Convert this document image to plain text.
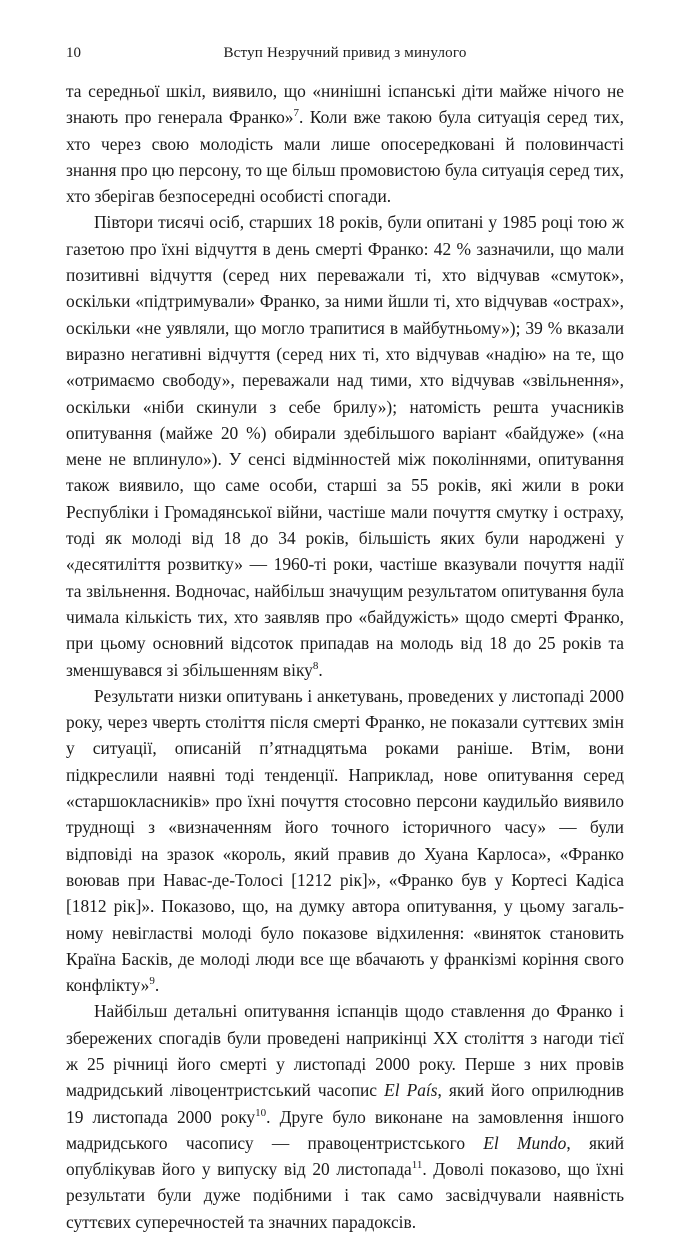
10	Вступ Незручний привид з минулого

та середньої шкіл, виявило, що «нинішні іспанські діти майже нічого не знають про генерала Франко»$^7$. Коли вже такою була ситуація серед тих, хто через свою молодість мали лише опосередковані й половинчасті знання про цю персону, то ще більш промовистою була ситуація серед тих, хто зберігав безпосередні особисті спогади.

Півтори тисячі осіб, старших 18 років, були опитані у 1985 році тою ж газетою про їхні відчуття в день смерті Франко: 42 % зазначили, що мали позитивні відчуття (серед них переважали ті, хто відчував «смуток», оскільки «підтримували» Франко, за ними йшли ті, хто відчував «острах», оскільки «не уявляли, що могло трапитися в майбутньому»); 39 % вказали виразно негативні відчуття (серед них ті, хто відчував «надію» на те, що «отримаємо свободу», переважали над тими, хто відчував «звільнення», оскільки «ніби скинули з себе брилу»); натомість решта учасників опитування (майже 20 %) обирали здебільшого варіант «байдуже» («на мене не вплинуло»). У сенсі відмінностей між поколіннями, опитування також виявило, що саме особи, старші за 55 років, які жили в роки Республіки і Громадянської війни, частіше мали почуття смутку і остраху, тоді як молоді від 18 до 34 років, більшість яких були народжені у «десятиліття розвитку» — 1960-ті роки, частіше вказували почуття надії та звільнення. Водночас, найбільш значущим результатом опитування була чимала кількість тих, хто заявляв про «байдужість» щодо смерті Франко, при цьому основний відсоток припадав на молодь від 18 до 25 років та зменшувався зі збільшенням віку$^8$.

Результати низки опитувань і анкетувань, проведених у листопаді 2000 року, через чверть століття після смерті Франко, не показали суттєвих змін у ситуації, описаній п’ятнадцятьма роками раніше. Втім, вони підкреслили наявні тоді тенденції. Наприклад, нове опитування серед «старшокласників» про їхні почуття стосовно персони каудильйо виявило труднощі з «визначенням його точного історичного часу» — були відповіді на зразок «король, який правив до Хуана Карлоса», «Франко воював при Навас-де-Толосі [1212 рік]», «Франко був у Кортесі Кадіса [1812 рік]». Показово, що, на думку автора опитування, у цьому загальному невігластві молоді було показове відхилення: «виняток становить Країна Басків, де молоді люди все ще вбачають у франкізмі коріння свого конфлікту»$^9$.

Найбільш детальні опитування іспанців щодо ставлення до Франко і збережених спогадів були проведені наприкінці XX століття з нагоди тієї ж 25 річниці його смерті у листопаді 2000 року. Перше з них провів мадридський лівоцентристський часопис El País, який його оприлюднив 19 листопада 2000 року$^{10}$. Друге було виконане на замовлення іншого мадридського часопису — правоцентристського El Mundo, який опублікував його у випуску від 20 листопада$^{11}$. Доволі показово, що їхні результати були дуже подібними і так само засвідчували наявність суттєвих суперечностей та значних парадоксів.
